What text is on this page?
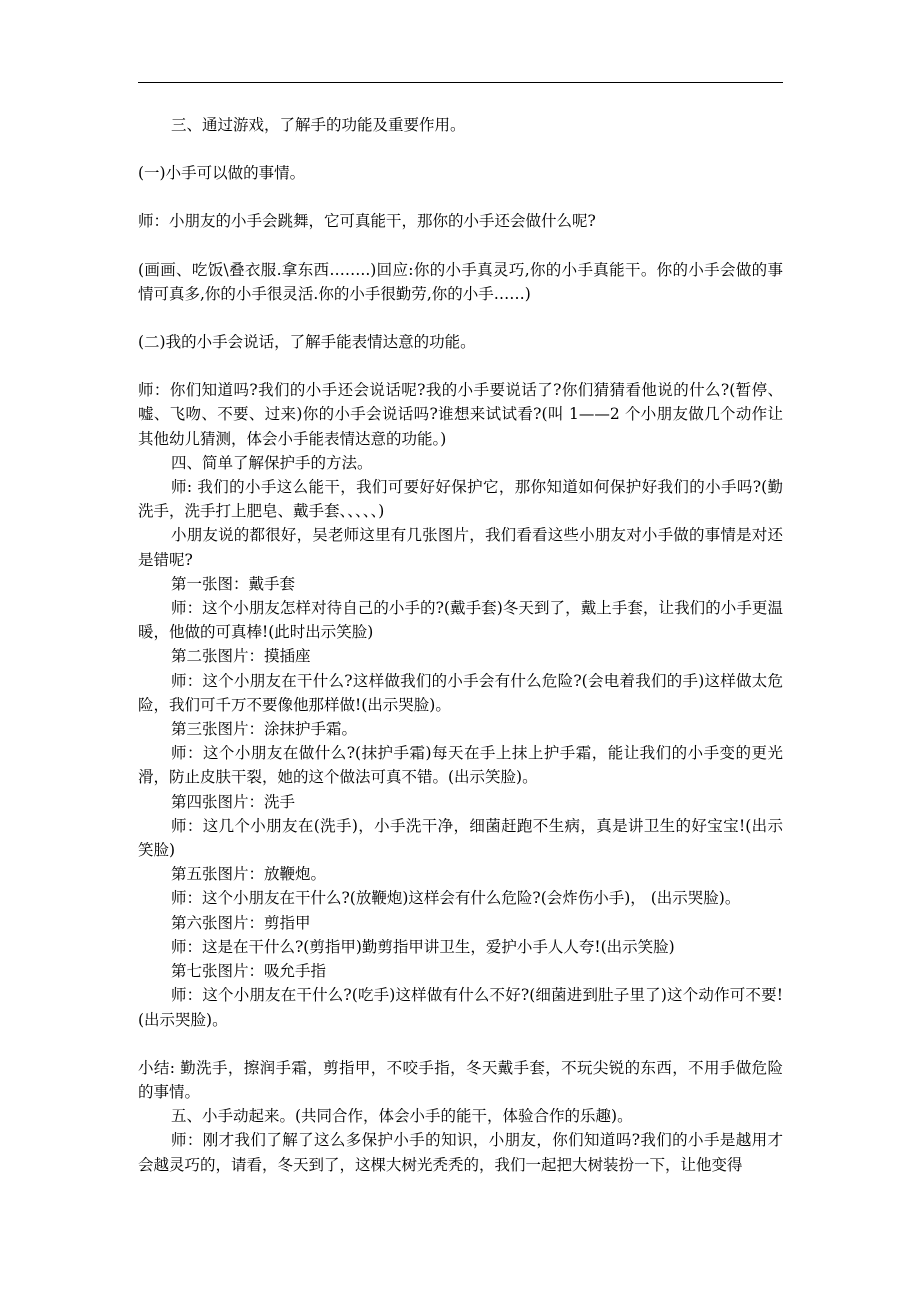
三、通过游戏，了解手的功能及重要作用。

(一)小手可以做的事情。

师：小朋友的小手会跳舞，它可真能干，那你的小手还会做什么呢?

(画画、吃饭\叠衣服.拿东西……..)回应:你的小手真灵巧,你的小手真能干。你的小手会做的事情可真多,你的小手很灵活.你的小手很勤劳,你的小手……)

(二)我的小手会说话，了解手能表情达意的功能。

师：你们知道吗?我们的小手还会说话呢?我的小手要说话了?你们猜猜看他说的什么?(暂停、嘘、飞吻、不要、过来)你的小手会说话吗?谁想来试试看?(叫 1——2 个小朋友做几个动作让其他幼儿猜测，体会小手能表情达意的功能。)

四、简单了解保护手的方法。

师: 我们的小手这么能干，我们可要好好保护它，那你知道如何保护好我们的小手吗?(勤洗手，洗手打上肥皂、戴手套、、、、、)

小朋友说的都很好，吴老师这里有几张图片，我们看看这些小朋友对小手做的事情是对还是错呢?

第一张图：戴手套

师：这个小朋友怎样对待自己的小手的?(戴手套)冬天到了，戴上手套，让我们的小手更温暖，他做的可真棒!(此时出示笑脸)

第二张图片：摸插座

师：这个小朋友在干什么?这样做我们的小手会有什么危险?(会电着我们的手)这样做太危险，我们可千万不要像他那样做!(出示哭脸)。

第三张图片：涂抹护手霜。

师：这个小朋友在做什么?(抹护手霜)每天在手上抹上护手霜，能让我们的小手变的更光滑，防止皮肤干裂，她的这个做法可真不错。(出示笑脸)。

第四张图片：洗手

师：这几个小朋友在(洗手)，小手洗干净，细菌赶跑不生病，真是讲卫生的好宝宝!(出示笑脸)

第五张图片：放鞭炮。

师：这个小朋友在干什么?(放鞭炮)这样会有什么危险?(会炸伤小手)， (出示哭脸)。

第六张图片：剪指甲

师：这是在干什么?(剪指甲)勤剪指甲讲卫生，爱护小手人人夸!(出示笑脸)

第七张图片：吸允手指

师：这个小朋友在干什么?(吃手)这样做有什么不好?(细菌进到肚子里了)这个动作可不要!(出示哭脸)。

小结: 勤洗手，擦润手霜，剪指甲，不咬手指，冬天戴手套，不玩尖锐的东西，不用手做危险的事情。

五、小手动起来。(共同合作，体会小手的能干，体验合作的乐趣)。

师：刚才我们了解了这么多保护小手的知识，小朋友，你们知道吗?我们的小手是越用才会越灵巧的，请看，冬天到了，这棵大树光秃秃的，我们一起把大树装扮一下，让他变得
